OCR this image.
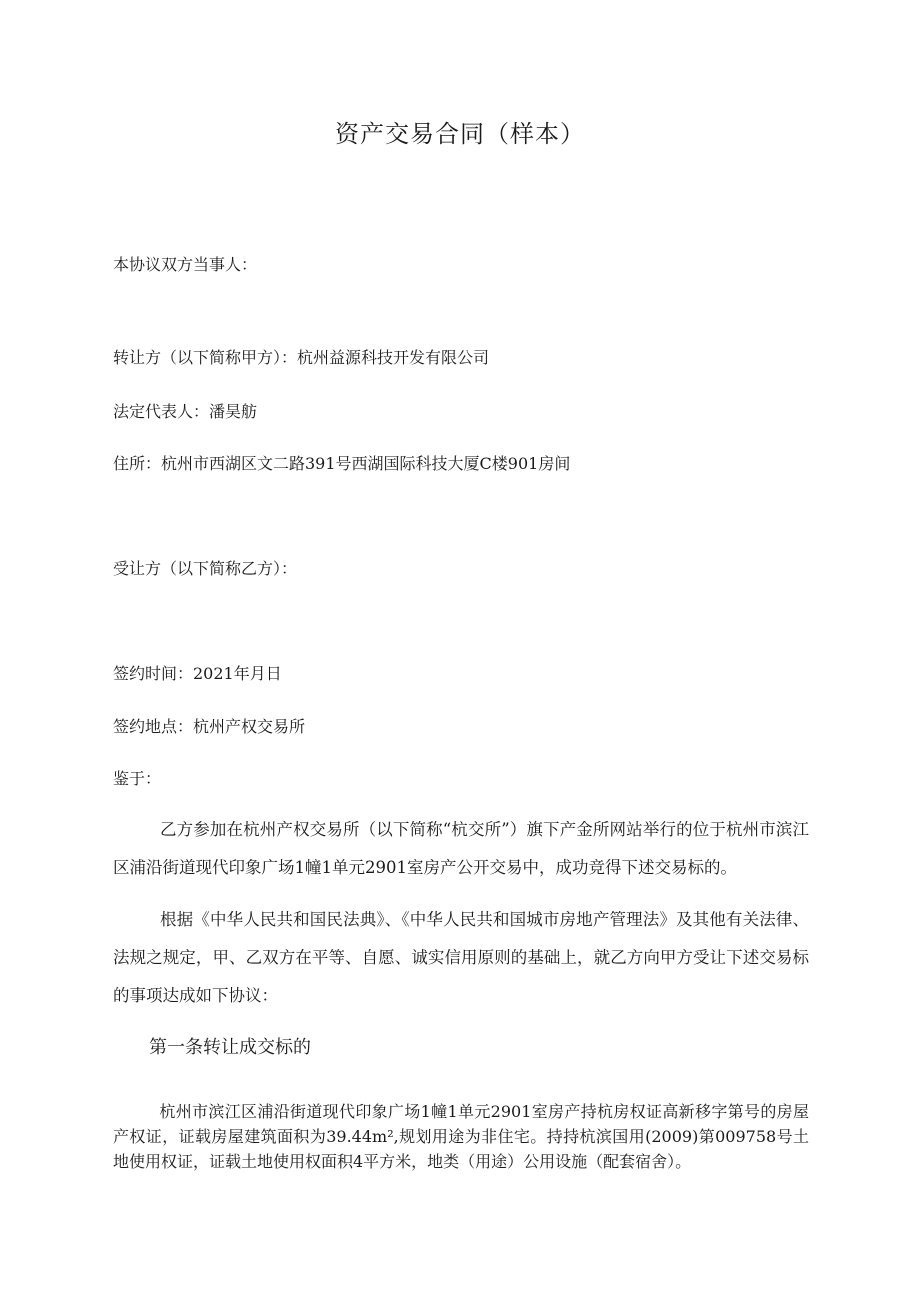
资产交易合同（样本）
本协议双方当事人：
转让方（以下简称甲方）：杭州益源科技开发有限公司
法定代表人：潘昊舫
住所：杭州市西湖区文二路391号西湖国际科技大厦C楼901房间
受让方（以下简称乙方）：
签约时间：2021年月日
签约地点：杭州产权交易所
鉴于：
乙方参加在杭州产权交易所（以下简称“杭交所”）旗下产金所网站举行的位于杭州市滨江区浦沿街道现代印象广场1幢1单元2901室房产公开交易中，成功竞得下述交易标的。
根据《中华人民共和国民法典》、《中华人民共和国城市房地产管理法》及其他有关法律、法规之规定，甲、乙双方在平等、自愿、诚实信用原则的基础上，就乙方向甲方受让下述交易标的事项达成如下协议：
第一条转让成交标的
杭州市滨江区浦沿街道现代印象广场1幢1单元2901室房产持杭房权证高新移字第号的房屋产权证，证载房屋建筑面积为39.44m²,规划用途为非住宅。持持杭滨国用(2009)第009758号土地使用权证，证载土地使用权面积4平方米，地类（用途）公用设施（配套宿舍）。
